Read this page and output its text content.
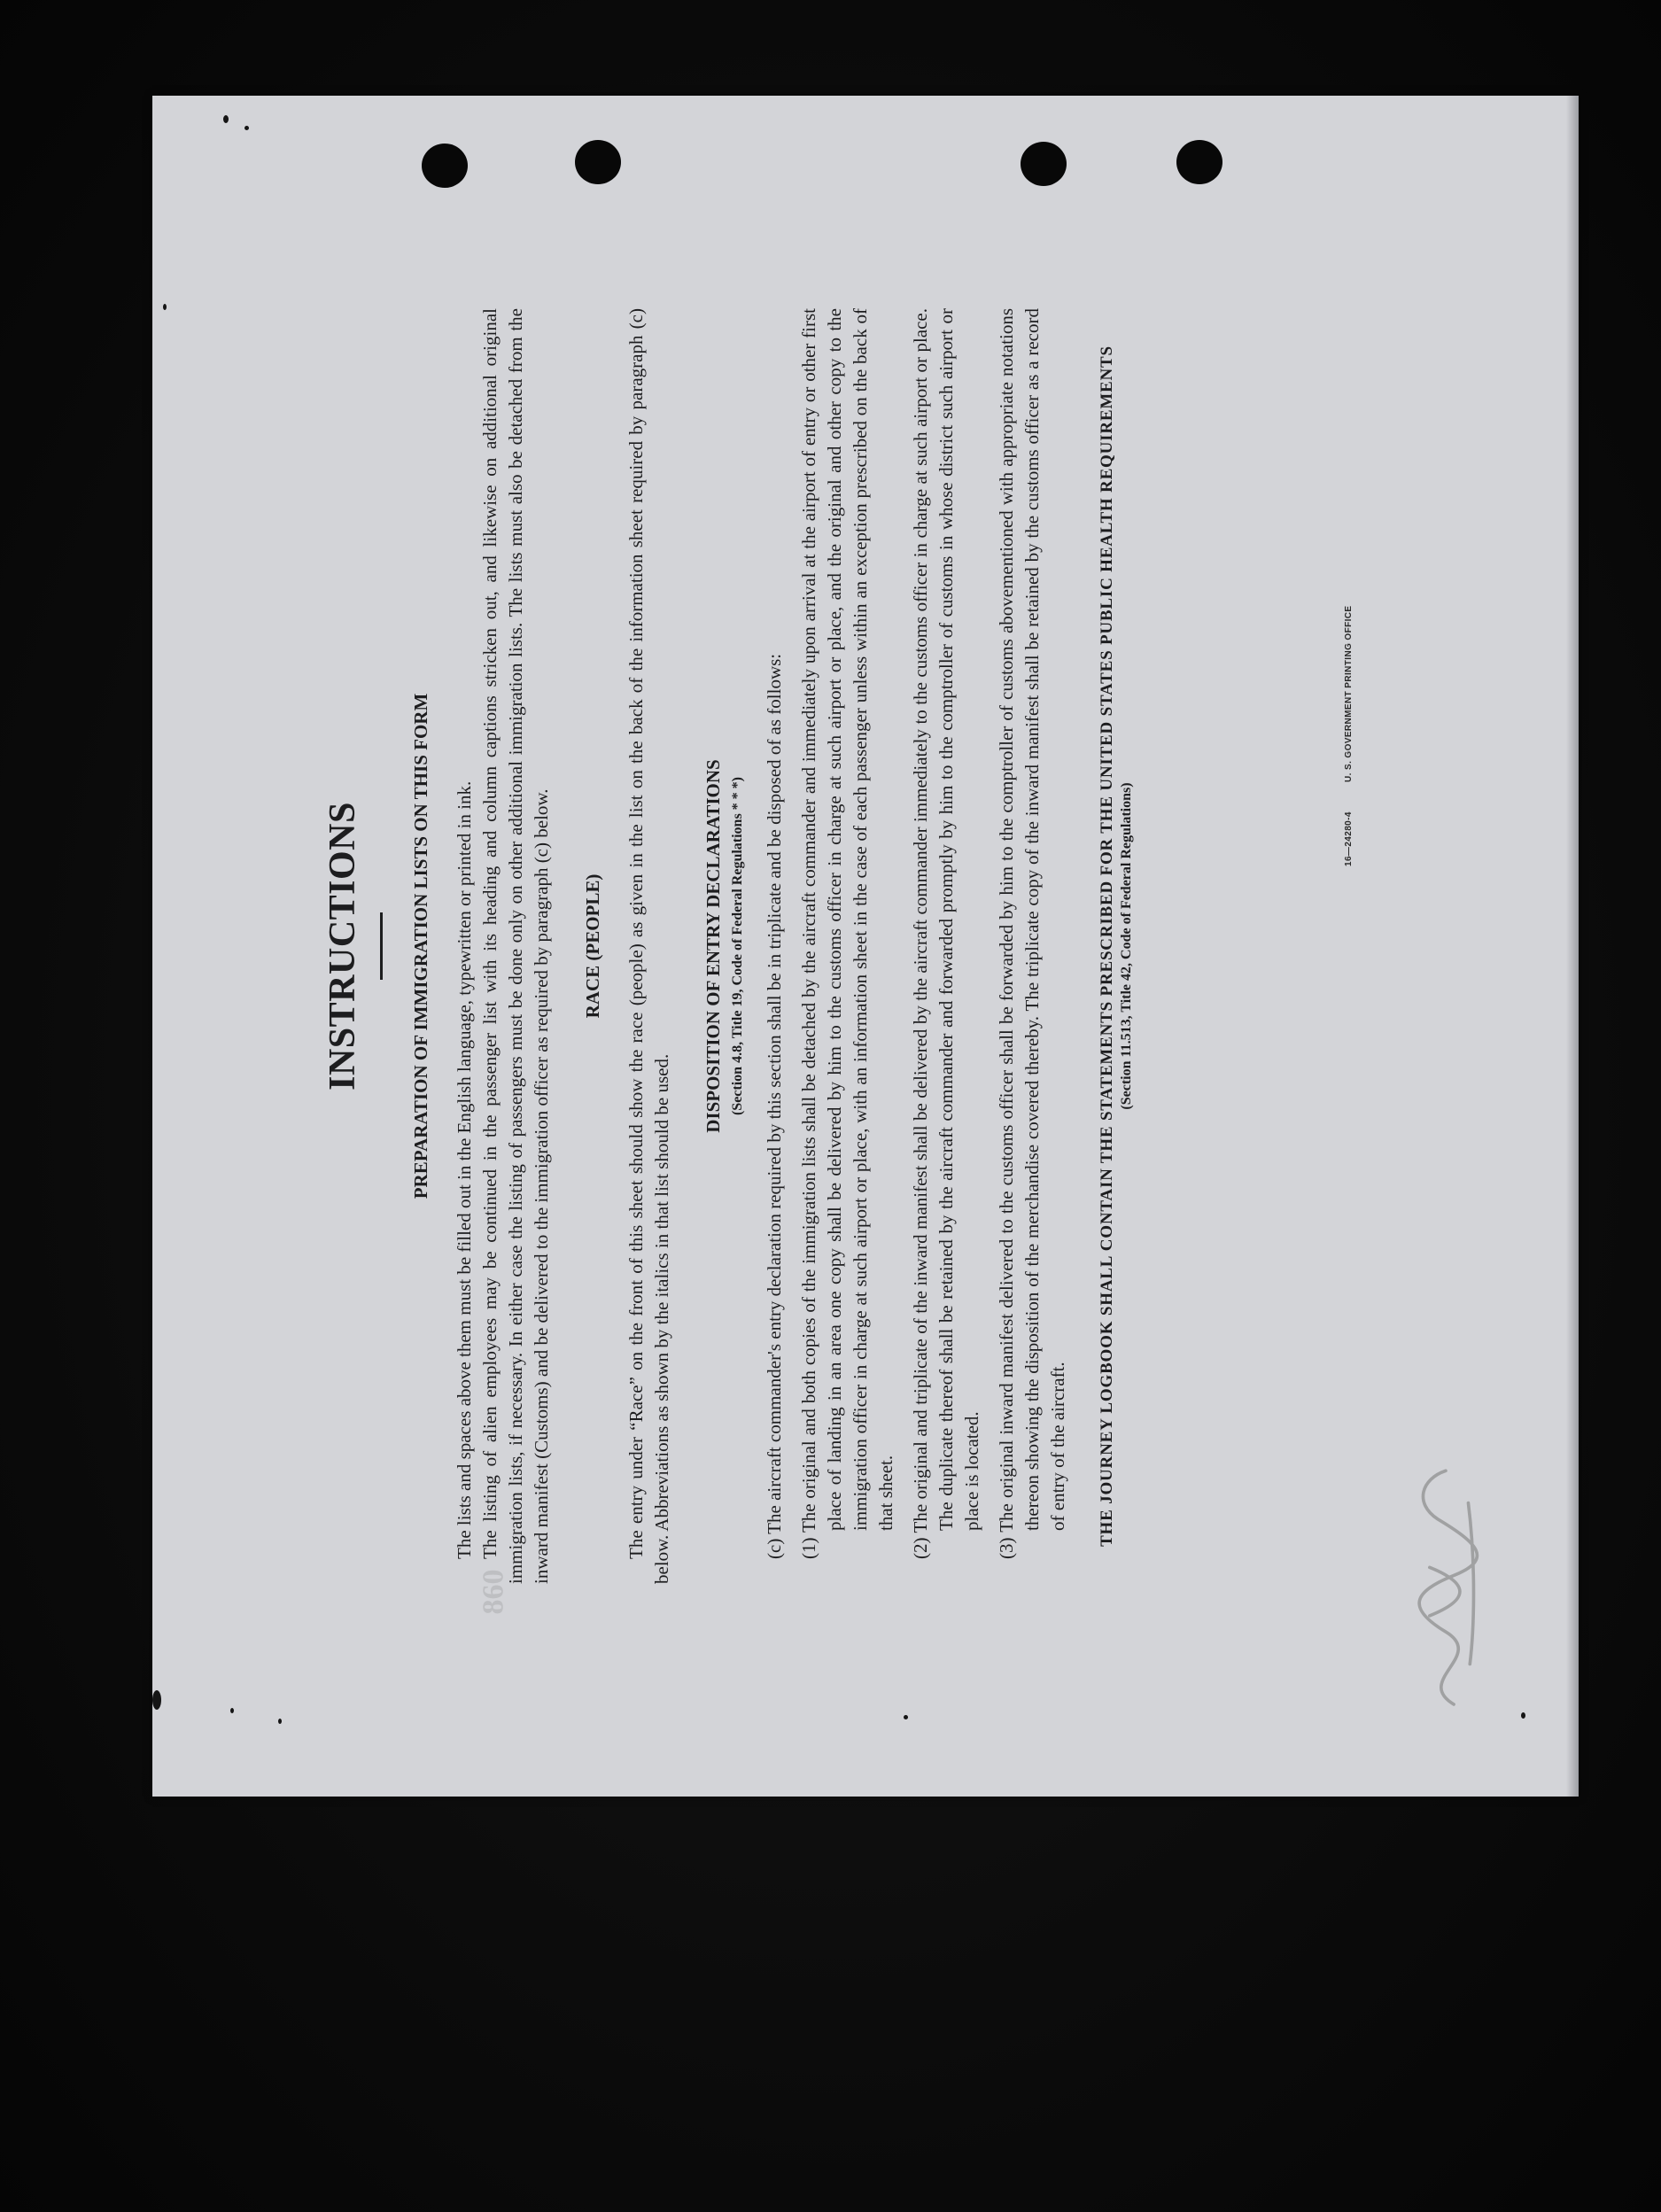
860
INSTRUCTIONS	PREPARATION OF IMMIGRATION LISTS ON THIS FORM The lists and spaces above them must be filled out in the English language, typewritten or printed in ink. The listing of alien employees may be continued in the passenger list with its heading and column captions stricken out, and likewise on additional original immigration lists, if necessary. In either case the listing of passengers must be done only on other additional immigration lists. The lists must also be detached from the inward manifest (Customs) and be delivered to the immigration officer as required by paragraph (c) below. RACE (PEOPLE) The entry under “Race” on the front of this sheet should show the race (people) as given in the list on the back of the information sheet required by paragraph (c) below. Abbreviations as shown by the italics in that list should be used.

DISPOSITION OF ENTRY DECLARATIONS (Section 4.8, Title 19, Code of Federal Regulations * * *) (c) The aircraft commander's entry declaration required by this section shall be in triplicate and be disposed of as follows: (1) The original and both copies of the immigration lists shall be detached by the aircraft commander and immediately upon arrival at the airport of entry or other first place of landing in an area one copy shall be delivered by him to the customs officer in charge at such airport or place, and the original and other copy to the immigration officer in charge at such airport or place, with an information sheet in the case of each passenger unless within an exception prescribed on the back of that sheet. (2) The original and triplicate of the inward manifest shall be delivered by the aircraft commander immediately to the customs officer in charge at such airport or place. The duplicate thereof shall be retained by the aircraft commander and forwarded promptly by him to the comptroller of customs in whose district such airport or place is located. (3) The original inward manifest delivered to the customs officer shall be forwarded by him to the comptroller of customs abovementioned with appropriate notations thereon showing the disposition of the merchandise covered thereby. The triplicate copy of the inward manifest shall be retained by the customs officer as a record of entry of the aircraft. THE JOURNEY LOGBOOK SHALL CONTAIN THE STATEMENTS PRESCRIBED FOR THE UNITED STATES PUBLIC HEALTH REQUIREMENTS (Section 11.513, Title 42, Code of Federal Regulations)	16—24280-4 U. S. GOVERNMENT PRINTING OFFICE
